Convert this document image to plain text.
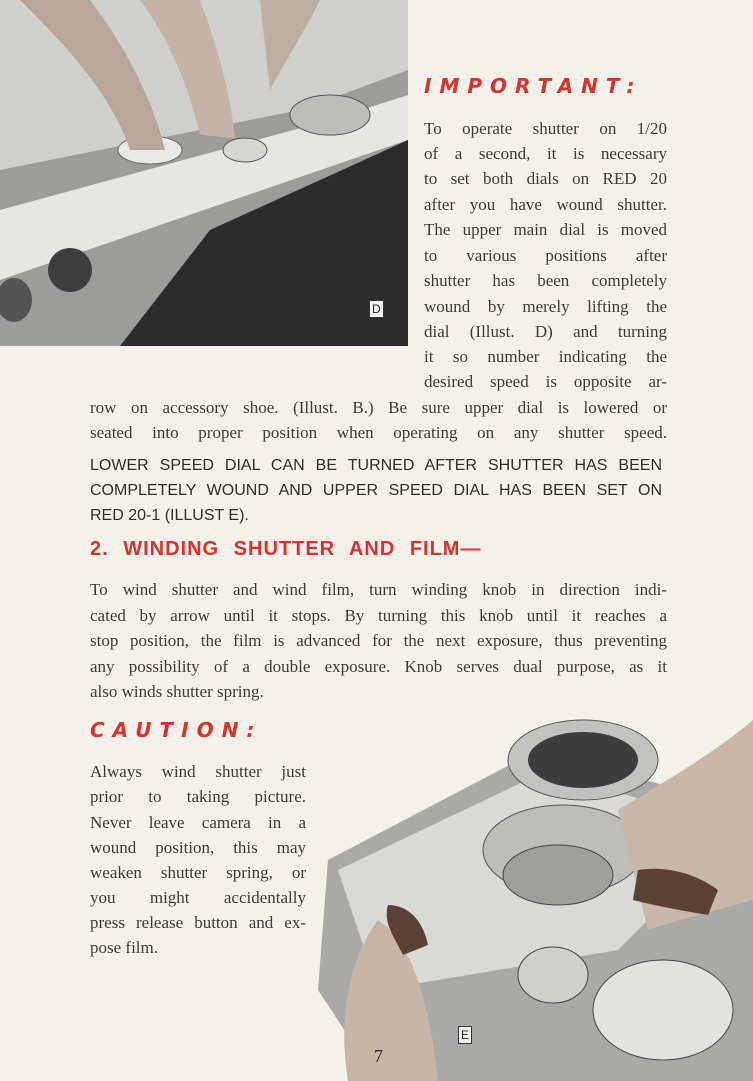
D
IMPORTANT:

To operate shutter on 1/20

of a second, it is necessary

to set both dials on RED 20

after you have wound shutter.

The upper main dial is moved

to various positions after

shutter has been completely

wound by merely lifting the

dial (Illust. D) and turning

it so number indicating the

desired speed is opposite ar-

row on accessory shoe. (Illust. B.) Be sure upper dial is lowered or

seated into proper position when operating on any shutter speed.

LOWER SPEED DIAL CAN BE TURNED AFTER SHUTTER HAS BEEN

COMPLETELY WOUND AND UPPER SPEED DIAL HAS BEEN SET ON

RED 20-1 (ILLUST E).

2. WINDING SHUTTER AND FILM—

To wind shutter and wind film, turn winding knob in direction indi-

cated by arrow until it stops. By turning this knob until it reaches a

stop position, the film is advanced for the next exposure, thus preventing

any possibility of a double exposure. Knob serves dual purpose, as it

also winds shutter spring.

CAUTION:

Always wind shutter just

prior to taking picture.

Never leave camera in a

wound position, this may

weaken shutter spring, or

you might accidentally

press release button and ex-

pose film.

E
7
